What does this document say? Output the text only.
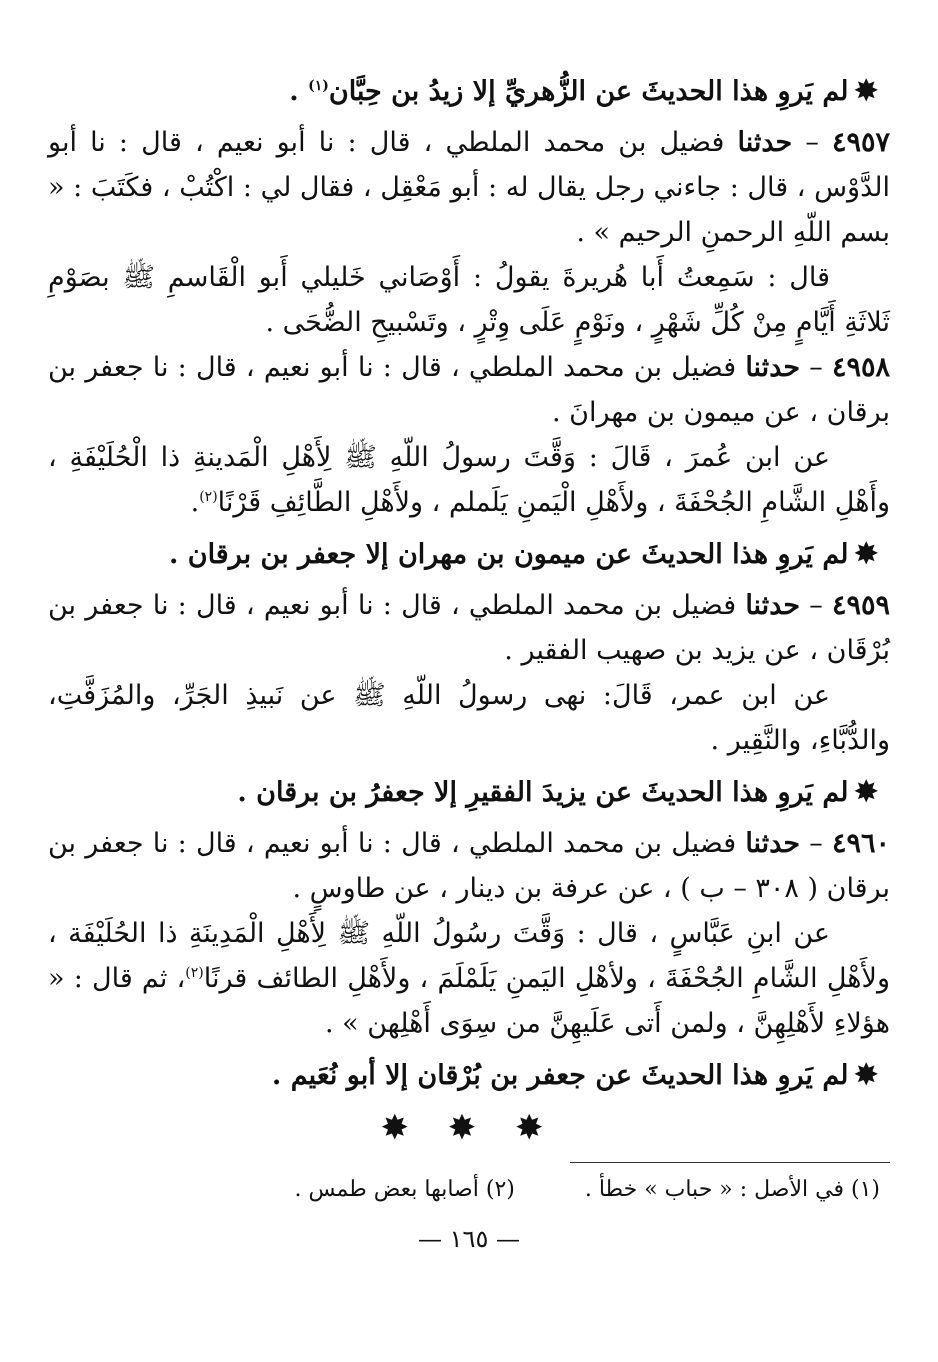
✸لم يَروِ هذا الحديثَ عن الزُّهريِّ إلا زيدُ بن حِبَّان$^{(١)}$ .

٤٩٥٧ – حدثنا فضيل بن محمد الملطي ، قال : نا أبو نعيم ، قال : نا أبو الدَّوْس ، قال : جاءني رجل يقال له : أبو مَعْقِل ، فقال لي : اكْتُبْ ، فكَتَبَ : « بسم اللّهِ الرحمنِ الرحيم » .

قال : سَمِعتُ أَبا هُريرةَ يقولُ : أَوْصَاني خَليلي أَبو الْقَاسمِ ﷺ بصَوْمِ ثَلاثَةِ أَيَّامٍ مِنْ كُلِّ شَهْرٍ ، ونَوْمٍ عَلَى وِتْرٍ ، وتَسْبيحِ الضُّحَى .

٤٩٥٨ – حدثنا فضيل بن محمد الملطي ، قال : نا أبو نعيم ، قال : نا جعفر بن برقان ، عن ميمون بن مهرانَ .

عن ابن عُمرَ ، قَالَ : وَقَّتَ رسولُ اللّهِ ﷺ لِأَهْلِ الْمَدينةِ ذا الْحُلَيْفَةِ ، وأَهْلِ الشَّامِ الجُحْفَةَ ، ولأَهْلِ الْيَمنِ يَلَملم ، ولأَهْلِ الطَّائِفِ قَرْنًا$^{(٢)}$.

✸لم يَروِ هذا الحديثَ عن ميمون بن مهران إلا جعفر بن برقان .

٤٩٥٩ – حدثنا فضيل بن محمد الملطي ، قال : نا أبو نعيم ، قال : نا جعفر بن بُرْقَان ، عن يزيد بن صهيب الفقير .

عن ابن عمر، قَالَ: نهى رسولُ اللّهِ ﷺ عن نَبيذِ الجَرِّ، والمُزَفَّتِ، والدُّبَّاءِ، والنَّقِير .

✸لم يَروِ هذا الحديثَ عن يزيدَ الفقيرِ إلا جعفرُ بن برقان .

٤٩٦٠ – حدثنا فضيل بن محمد الملطي ، قال : نا أبو نعيم ، قال : نا جعفر بن برقان ( ٣٠٨ – ب ) ، عن عرفة بن دينار ، عن طاوسٍ .

عن ابنِ عَبَّاسٍ ، قال : وَقَّتَ رسُولُ اللّهِ ﷺ لِأَهْلِ الْمَدِينَةِ ذا الحُلَيْفَة ، ولأَهْلِ الشَّامِ الجُحْفَةَ ، ولأهْلِ اليَمنِ يَلَمْلَمَ ، ولأَهْلِ الطائف قرنًا$^{(٢)}$، ثم قال : « هؤلاءِ لأَهْلِهِنَّ ، ولمن أَتى عَلَيهِنَّ من سِوَى أَهْلِهن » .

✸لم يَروِ هذا الحديثَ عن جعفر بن بُرْقان إلا أبو نُعَيم .

✸ ✸ ✸
(١) في الأصل : « حباب » خطأ .
(٢) أصابها بعض طمس .
— ١٦٥ —
